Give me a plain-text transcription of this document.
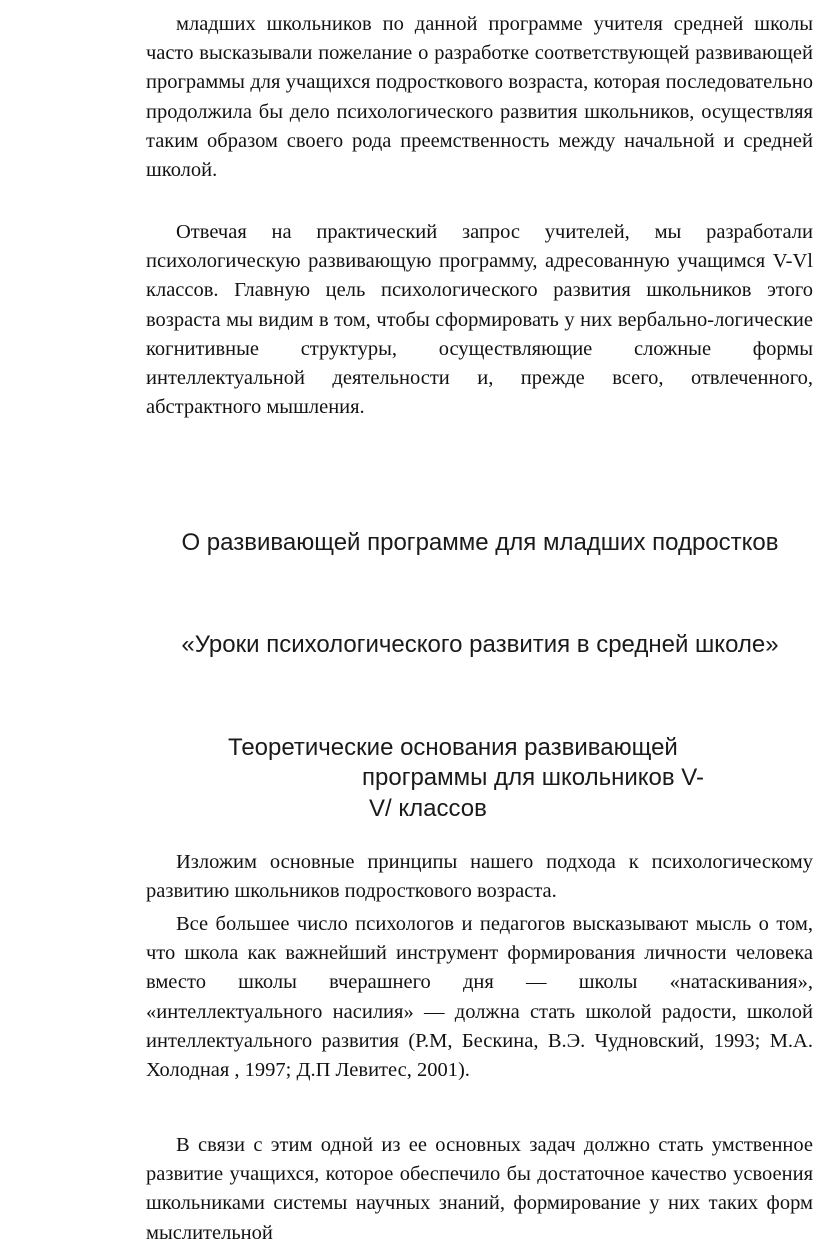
младших школьников по данной программе учителя средней школы часто высказывали пожелание о разработке соответствующей развивающей программы для учащихся подросткового возраста, которая последовательно продолжила бы дело психологического развития школьников, осуществляя таким образом своего рода преемственность между начальной и средней школой.

Отвечая на практический запрос учителей, мы разработали психологическую развивающую программу, адресованную учащимся V-Vl классов. Главную цель психологического развития школьников этого возраста мы видим в том, чтобы сформировать у них вербально-логические когнитивные структуры, осуществляющие сложные формы интеллектуальной деятельности и, прежде всего, отвлеченного, абстрактного мышления.

О развивающей программе для младших подростков
«Уроки психологического развития в средней школе»
Теоретические основания развивающей
программы для школьников V-
V/ классов

Изложим основные принципы нашего подхода к психологическому развитию школьников подросткового возраста.

Все большее число психологов и педагогов высказывают мысль о том, что школа как важнейший инструмент формирования личности человека вместо школы вчерашнего дня — школы «натаскивания», «интеллектуального насилия» — должна стать школой радости, школой интеллектуального развития (Р.М, Бескина, В.Э. Чудновский, 1993; М.А. Холодная , 1997; Д.П Левитес, 2001).

В связи с этим одной из ее основных задач должно стать умственное развитие учащихся, которое обеспечило бы достаточное качество усвоения школьниками системы научных знаний, формирование у них таких форм мыслительной
